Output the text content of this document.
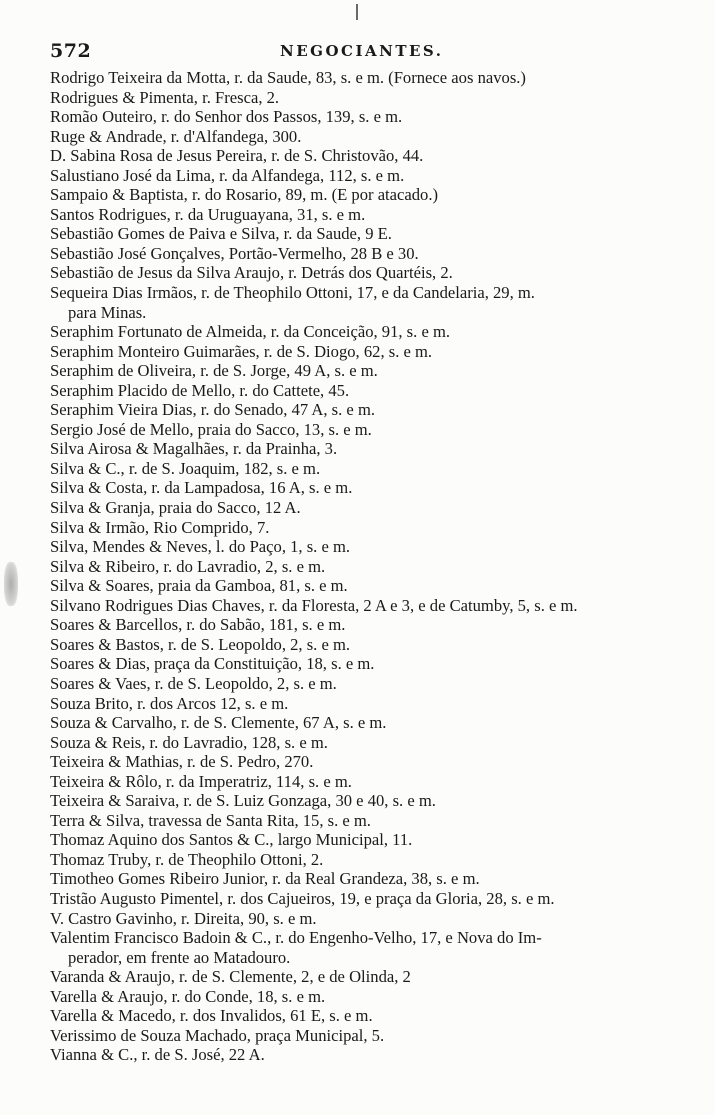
572	NEGOCIANTES.
Rodrigo Teixeira da Motta, r. da Saude, 83, s. e m. (Fornece aos navos.)
Rodrigues & Pimenta, r. Fresca, 2.
Romão Outeiro, r. do Senhor dos Passos, 139, s. e m.
Ruge & Andrade, r. d'Alfandega, 300.
D. Sabina Rosa de Jesus Pereira, r. de S. Christovão, 44.
Salustiano José da Lima, r. da Alfandega, 112, s. e m.
Sampaio & Baptista, r. do Rosario, 89, m. (E por atacado.)
Santos Rodrigues, r. da Uruguayana, 31, s. e m.
Sebastião Gomes de Paiva e Silva, r. da Saude, 9 E.
Sebastião José Gonçalves, Portão-Vermelho, 28 B e 30.
Sebastião de Jesus da Silva Araujo, r. Detrás dos Quartéis, 2.
Sequeira Dias Irmãos, r. de Theophilo Ottoni, 17, e da Candelaria, 29, m.
para Minas.
Seraphim Fortunato de Almeida, r. da Conceição, 91, s. e m.
Seraphim Monteiro Guimarães, r. de S. Diogo, 62, s. e m.
Seraphim de Oliveira, r. de S. Jorge, 49 A, s. e m.
Seraphim Placido de Mello, r. do Cattete, 45.
Seraphim Vieira Dias, r. do Senado, 47 A, s. e m.
Sergio José de Mello, praia do Sacco, 13, s. e m.
Silva Airosa & Magalhães, r. da Prainha, 3.
Silva & C., r. de S. Joaquim, 182, s. e m.
Silva & Costa, r. da Lampadosa, 16 A, s. e m.
Silva & Granja, praia do Sacco, 12 A.
Silva & Irmão, Rio Comprido, 7.
Silva, Mendes & Neves, l. do Paço, 1, s. e m.
Silva & Ribeiro, r. do Lavradio, 2, s. e m.
Silva & Soares, praia da Gamboa, 81, s. e m.
Silvano Rodrigues Dias Chaves, r. da Floresta, 2 A e 3, e de Catumby, 5, s. e m.
Soares & Barcellos, r. do Sabão, 181, s. e m.
Soares & Bastos, r. de S. Leopoldo, 2, s. e m.
Soares & Dias, praça da Constituição, 18, s. e m.
Soares & Vaes, r. de S. Leopoldo, 2, s. e m.
Souza Brito, r. dos Arcos 12, s. e m.
Souza & Carvalho, r. de S. Clemente, 67 A, s. e m.
Souza & Reis, r. do Lavradio, 128, s. e m.
Teixeira & Mathias, r. de S. Pedro, 270.
Teixeira & Rôlo, r. da Imperatriz, 114, s. e m.
Teixeira & Saraiva, r. de S. Luiz Gonzaga, 30 e 40, s. e m.
Terra & Silva, travessa de Santa Rita, 15, s. e m.
Thomaz Aquino dos Santos & C., largo Municipal, 11.
Thomaz Truby, r. de Theophilo Ottoni, 2.
Timotheo Gomes Ribeiro Junior, r. da Real Grandeza, 38, s. e m.
Tristão Augusto Pimentel, r. dos Cajueiros, 19, e praça da Gloria, 28, s. e m.
V. Castro Gavinho, r. Direita, 90, s. e m.
Valentim Francisco Badoin & C., r. do Engenho-Velho, 17, e Nova do Im-
perador, em frente ao Matadouro.
Varanda & Araujo, r. de S. Clemente, 2, e de Olinda, 2
Varella & Araujo, r. do Conde, 18, s. e m.
Varella & Macedo, r. dos Invalidos, 61 E, s. e m.
Verissimo de Souza Machado, praça Municipal, 5.
Vianna & C., r. de S. José, 22 A.
